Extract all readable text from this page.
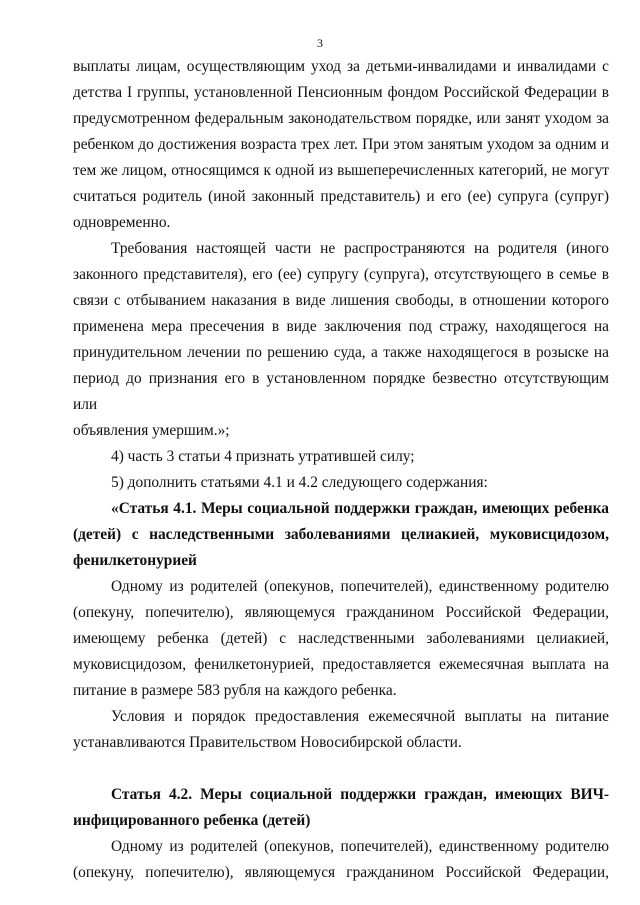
3

выплаты лицам, осуществляющим уход за детьми-инвалидами и инвалидами с

детства I группы, установленной Пенсионным фондом Российской Федерации в

предусмотренном федеральным законодательством порядке, или занят уходом за

ребенком до достижения возраста трех лет. При этом занятым уходом за одним и

тем же лицом, относящимся к одной из вышеперечисленных категорий, не могут

считаться родитель (иной законный представитель) и его (ее) супруга (супруг)

одновременно.

Требования настоящей части не распространяются на родителя (иного

законного представителя), его (ее) супругу (супруга), отсутствующего в семье в

связи с отбыванием наказания в виде лишения свободы, в отношении которого

применена мера пресечения в виде заключения под стражу, находящегося на

принудительном лечении по решению суда, а также находящегося в розыске на

период до признания его в установленном порядке безвестно отсутствующим или

объявления умершим.»;

4) часть 3 статьи 4 признать утратившей силу;

5) дополнить статьями 4.1 и 4.2 следующего содержания:

«Статья 4.1. Меры социальной поддержки граждан, имеющих ребенка

(детей) с наследственными заболеваниями целиакией, муковисцидозом,

фенилкетонурией

Одному из родителей (опекунов, попечителей), единственному родителю

(опекуну, попечителю), являющемуся гражданином Российской Федерации,

имеющему ребенка (детей) с наследственными заболеваниями целиакией,

муковисцидозом, фенилкетонурией, предоставляется ежемесячная выплата на

питание в размере 583 рубля на каждого ребенка.

Условия и порядок предоставления ежемесячной выплаты на питание

устанавливаются Правительством Новосибирской области.

Статья 4.2. Меры социальной поддержки граждан, имеющих ВИЧ-

инфицированного ребенка (детей)

Одному из родителей (опекунов, попечителей), единственному родителю

(опекуну, попечителю), являющемуся гражданином Российской Федерации,
